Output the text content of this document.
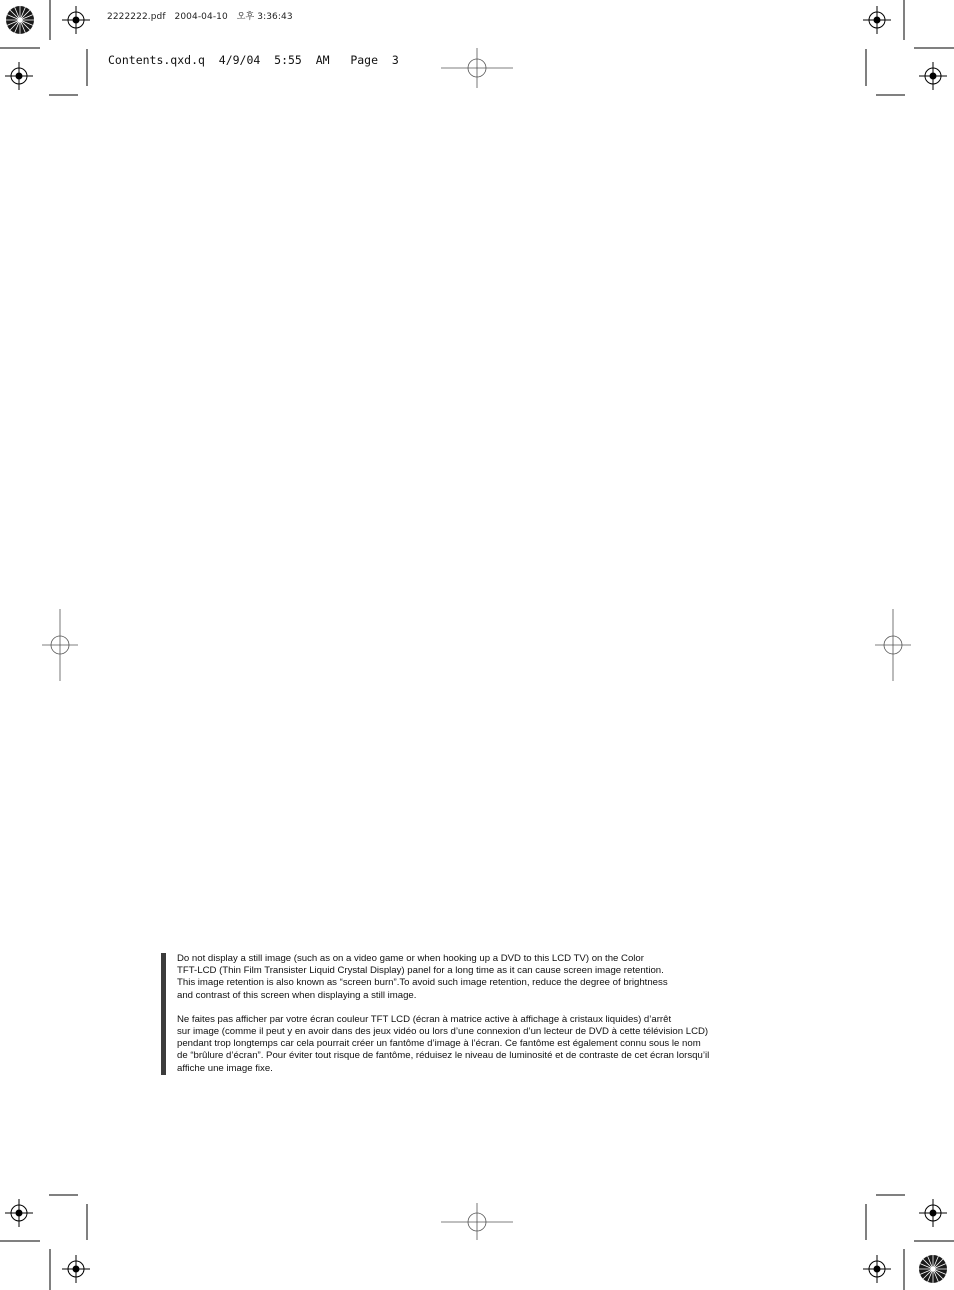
2222222.pdf   2004-04-10   오후 3:36:43
Contents.qxd.q  4/9/04  5:55  AM   Page  3

Do not display a still image (such as on a video game or when hooking up a DVD to this LCD TV) on the Color
TFT-LCD (Thin Film Transister Liquid Crystal Display) panel for a long time as it can cause screen image retention.
This image retention is also known as “screen burn”.To avoid such image retention, reduce the degree of brightness
and contrast of this screen when displaying a still image.

Ne faites pas afficher par votre écran couleur TFT LCD (écran à matrice active à affichage à cristaux liquides) d’arrêt
sur image (comme il peut y en avoir dans des jeux vidéo ou lors d’une connexion d’un lecteur de DVD à cette télévision LCD)
pendant trop longtemps car cela pourrait créer un fantôme d’image à l’écran. Ce fantôme est également connu sous le nom
de “brûlure d’écran”. Pour éviter tout risque de fantôme, réduisez le niveau de luminosité et de contraste de cet écran lorsqu’il
affiche une image fixe.
